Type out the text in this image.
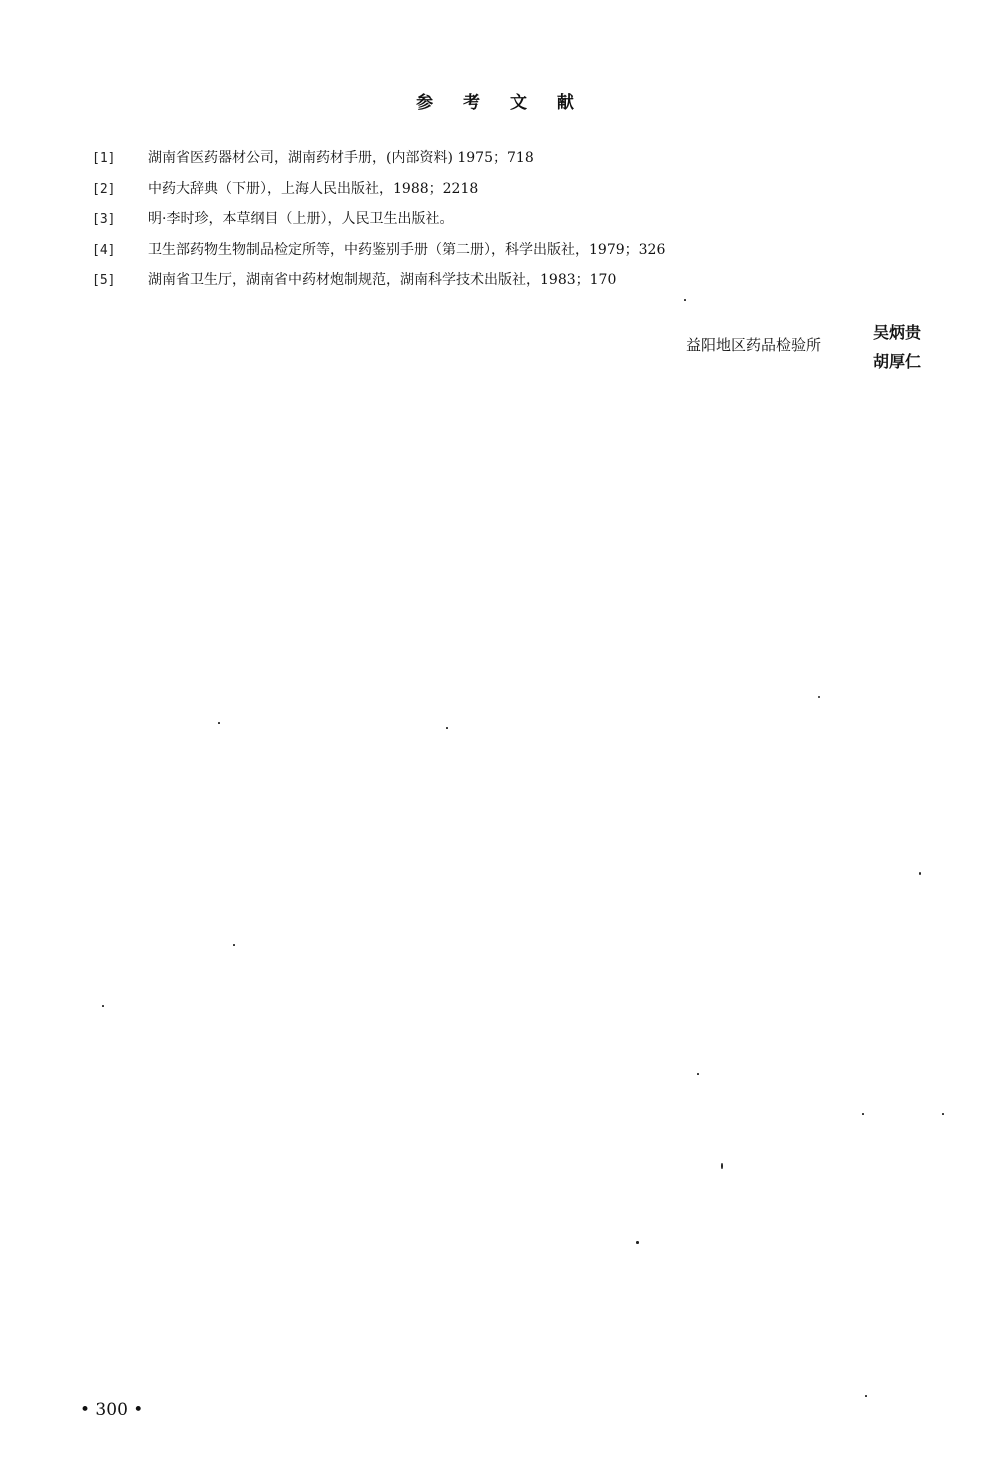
参 考 文 献
[1]	湖南省医药器材公司，湖南药材手册，(内部资料) 1975；718
[2]	中药大辞典（下册），上海人民出版社，1988；2218
[3]	明·李时珍，本草纲目（上册），人民卫生出版社。
[4]	卫生部药物生物制品检定所等，中药鉴别手册（第二册），科学出版社，1979；326
[5]	湖南省卫生厅，湖南省中药材炮制规范，湖南科学技术出版社，1983；170
益阳地区药品检验所
吴炳贵
胡厚仁
• 300 •
